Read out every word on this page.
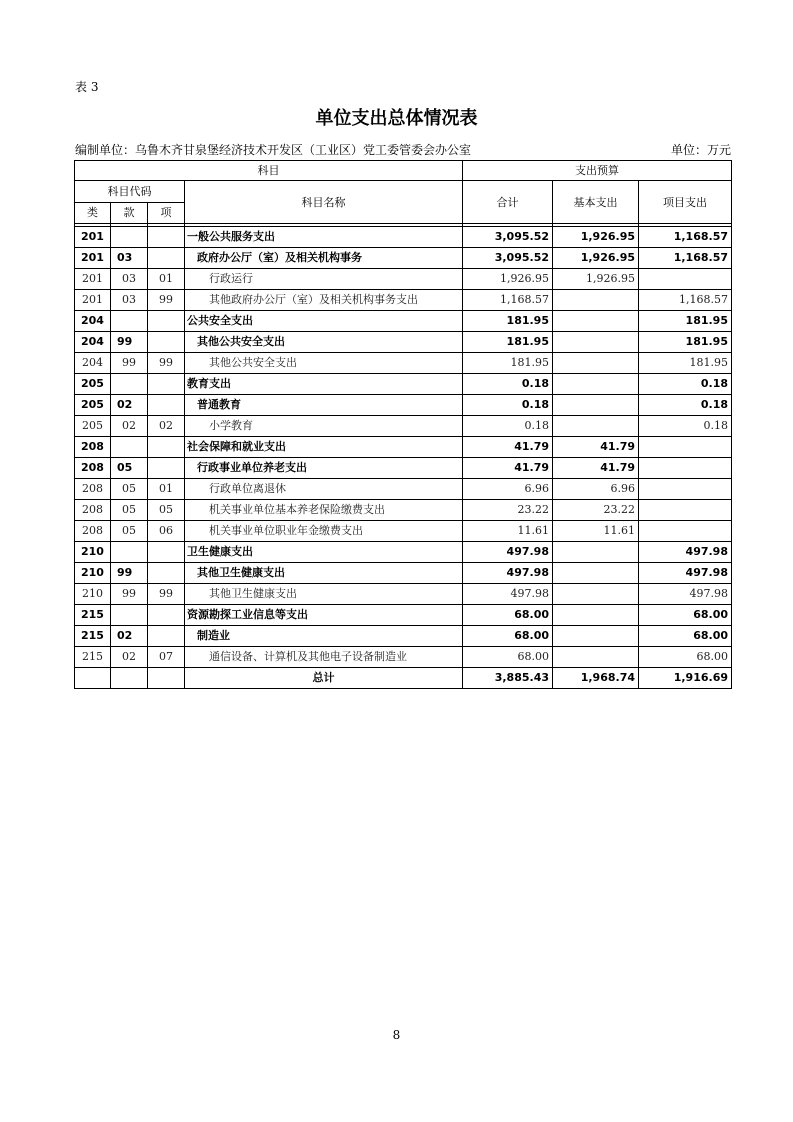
表 3
单位支出总体情况表
编制单位：乌鲁木齐甘泉堡经济技术开发区（工业区）党工委管委会办公室	单位：万元
科目				支出预算		
科目代码			科目名称	合计	基本支出	项目支出
类	款	项				

201			一般公共服务支出	3,095.52	1,926.95	1,168.57
201	03		政府办公厅（室）及相关机构事务	3,095.52	1,926.95	1,168.57
201	03	01	行政运行	1,926.95	1,926.95	
201	03	99	其他政府办公厅（室）及相关机构事务支出	1,168.57		1,168.57
204			公共安全支出	181.95		181.95
204	99		其他公共安全支出	181.95		181.95
204	99	99	其他公共安全支出	181.95		181.95
205			教育支出	0.18		0.18
205	02		普通教育	0.18		0.18
205	02	02	小学教育	0.18		0.18
208			社会保障和就业支出	41.79	41.79	
208	05		行政事业单位养老支出	41.79	41.79	
208	05	01	行政单位离退休	6.96	6.96	
208	05	05	机关事业单位基本养老保险缴费支出	23.22	23.22	
208	05	06	机关事业单位职业年金缴费支出	11.61	11.61	
210			卫生健康支出	497.98		497.98
210	99		其他卫生健康支出	497.98		497.98
210	99	99	其他卫生健康支出	497.98		497.98
215			资源勘探工业信息等支出	68.00		68.00
215	02		制造业	68.00		68.00
215	02	07	通信设备、计算机及其他电子设备制造业	68.00		68.00
			总计	3,885.43	1,968.74	1,916.69
8
